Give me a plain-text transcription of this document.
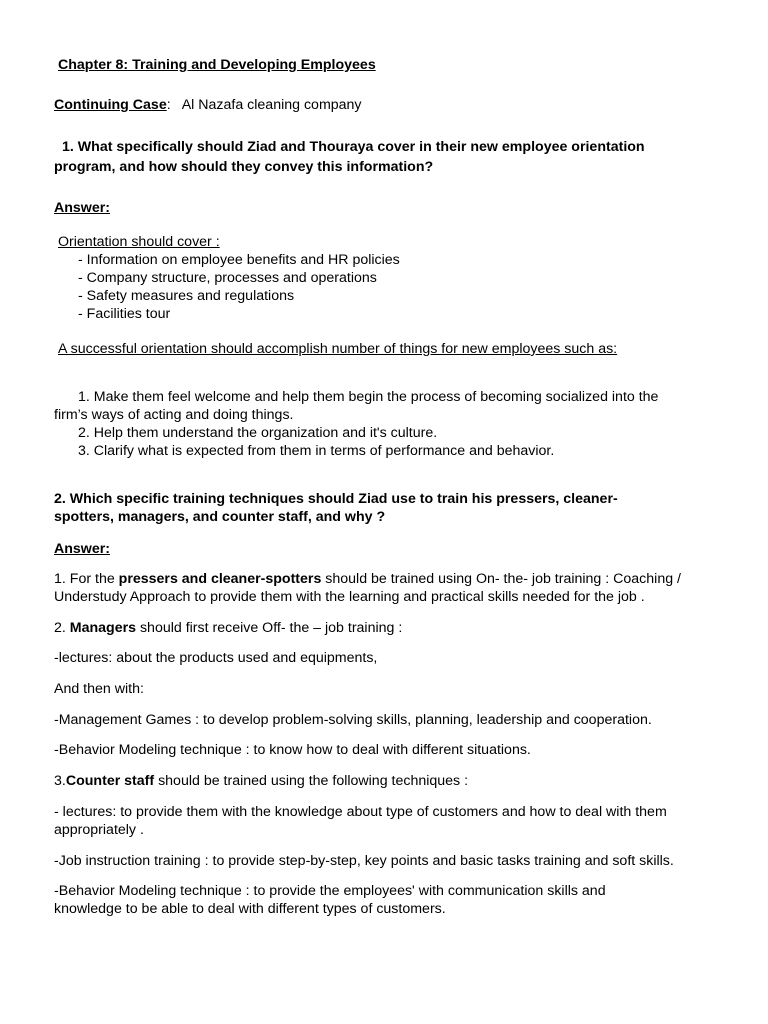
Chapter 8: Training and Developing Employees
Continuing Case: Al Nazafa cleaning company
1. What specifically should Ziad and Thouraya cover in their new employee orientation
program, and how should they convey this information?
Answer:
Orientation should cover :
- Information on employee benefits and HR policies
- Company structure, processes and operations
- Safety measures and regulations
- Facilities tour
A successful orientation should accomplish number of things for new employees such as:
1. Make them feel welcome and help them begin the process of becoming socialized into the
firm’s ways of acting and doing things.
2. Help them understand the organization and it's culture.
3. Clarify what is expected from them in terms of performance and behavior.
2. Which specific training techniques should Ziad use to train his pressers, cleaner-
spotters, managers, and counter staff, and why ?
Answer:
1. For the pressers and cleaner-spotters should be trained using On- the- job training : Coaching / Understudy Approach to provide them with the learning and practical skills needed for the job .
2. Managers should first receive Off- the – job training :
-lectures: about the products used and equipments,
And then with:
-Management Games : to develop problem-solving skills, planning, leadership and cooperation.
-Behavior Modeling technique : to know how to deal with different situations.
3.Counter staff should be trained using the following techniques :
- lectures: to provide them with the knowledge about type of customers and how to deal with them appropriately .
-Job instruction training : to provide step-by-step, key points and basic tasks training and soft skills.
-Behavior Modeling technique : to provide the employees' with communication skills and knowledge to be able to deal with different types of customers.
